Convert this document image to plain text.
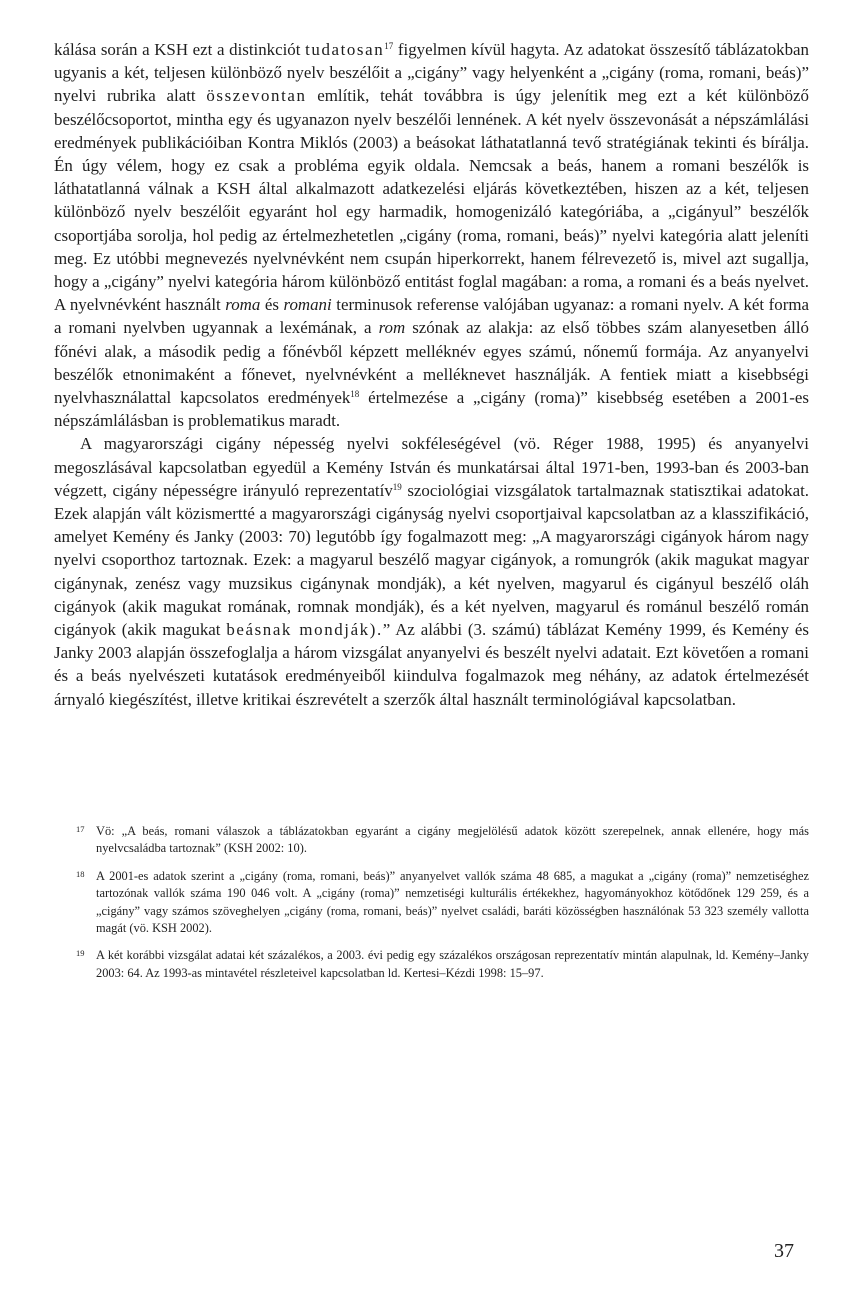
kálása során a KSH ezt a distinkciót tudatosan$^{17}$ figyelmen kívül hagyta. Az adatokat összesítő táblázatokban ugyanis a két, teljesen különböző nyelv beszélőit a „cigány” vagy helyenként a „cigány (roma, romani, beás)” nyelvi rubrika alatt összevontan említik, tehát továbbra is úgy jelenítik meg ezt a két különböző beszélőcsoportot, mintha egy és ugyanazon nyelv beszélői lennének. A két nyelv összevonását a népszámlálási eredmények publikációiban Kontra Miklós (2003) a beásokat láthatatlanná tevő stratégiának tekinti és bírálja. Én úgy vélem, hogy ez csak a probléma egyik oldala. Nemcsak a beás, hanem a romani beszélők is láthatatlanná válnak a KSH által alkalmazott adatkezelési eljárás következtében, hiszen az a két, teljesen különböző nyelv beszélőit egyaránt hol egy harmadik, homogenizáló kategóriába, a „cigányul” beszélők csoportjába sorolja, hol pedig az értelmezhetetlen „cigány (roma, romani, beás)” nyelvi kategória alatt jeleníti meg. Ez utóbbi megnevezés nyelvnévként nem csupán hiperkorrekt, hanem félrevezető is, mivel azt sugallja, hogy a „cigány” nyelvi kategória három különböző entitást foglal magában: a roma, a romani és a beás nyelvet. A nyelvnévként használt roma és romani terminusok referense valójában ugyanaz: a romani nyelv. A két forma a romani nyelvben ugyannak a lexémának, a rom szónak az alakja: az első többes szám alanyesetben álló főnévi alak, a második pedig a főnévből képzett melléknév egyes számú, nőnemű formája. Az anyanyelvi beszélők etnonimaként a főnevet, nyelvnévként a melléknevet használják. A fentiek miatt a kisebbségi nyelvhasználattal kapcsolatos eredmények$^{18}$ értelmezése a „cigány (roma)” kisebbség esetében a 2001-es népszámlálásban is problematikus maradt.

A magyarországi cigány népesség nyelvi sokféleségével (vö. Réger 1988, 1995) és anyanyelvi megoszlásával kapcsolatban egyedül a Kemény István és munkatársai által 1971-ben, 1993-ban és 2003-ban végzett, cigány népességre irányuló reprezentatív$^{19}$ szociológiai vizsgálatok tartalmaznak statisztikai adatokat. Ezek alapján vált közismertté a magyarországi cigányság nyelvi csoportjaival kapcsolatban az a klasszifikáció, amelyet Kemény és Janky (2003: 70) legutóbb így fogalmazott meg: „A magyarországi cigányok három nagy nyelvi csoporthoz tartoznak. Ezek: a magyarul beszélő magyar cigányok, a romungrók (akik magukat magyar cigánynak, zenész vagy muzsikus cigánynak mondják), a két nyelven, magyarul és cigányul beszélő oláh cigányok (akik magukat romának, romnak mondják), és a két nyelven, magyarul és románul beszélő román cigányok (akik magukat beásnak mondják).” Az alábbi (3. számú) táblázat Kemény 1999, és Kemény és Janky 2003 alapján összefoglalja a három vizsgálat anyanyelvi és beszélt nyelvi adatait. Ezt követően a romani és a beás nyelvészeti kutatások eredményeiből kiindulva fogalmazok meg néhány, az adatok értelmezését árnyaló kiegészítést, illetve kritikai észrevételt a szerzők által használt terminológiával kapcsolatban.

17 Vö: „A beás, romani válaszok a táblázatokban egyaránt a cigány megjelölésű adatok között szerepelnek, annak ellenére, hogy más nyelvcsaládba tartoznak” (KSH 2002: 10).
18 A 2001-es adatok szerint a „cigány (roma, romani, beás)” anyanyelvet vallók száma 48 685, a magukat a „cigány (roma)” nemzetiséghez tartozónak vallók száma 190 046 volt. A „cigány (roma)” nemzetiségi kulturális értékekhez, hagyományokhoz kötődőnek 129 259, és a „cigány” vagy számos szöveghelyen „cigány (roma, romani, beás)” nyelvet családi, baráti közösségben használónak 53 323 személy vallotta magát (vö. KSH 2002).
19 A két korábbi vizsgálat adatai két százalékos, a 2003. évi pedig egy százalékos országosan reprezentatív mintán alapulnak, ld. Kemény–Janky 2003: 64. Az 1993-as mintavétel részleteivel kapcsolatban ld. Kertesi–Kézdi 1998: 15–97.
37
